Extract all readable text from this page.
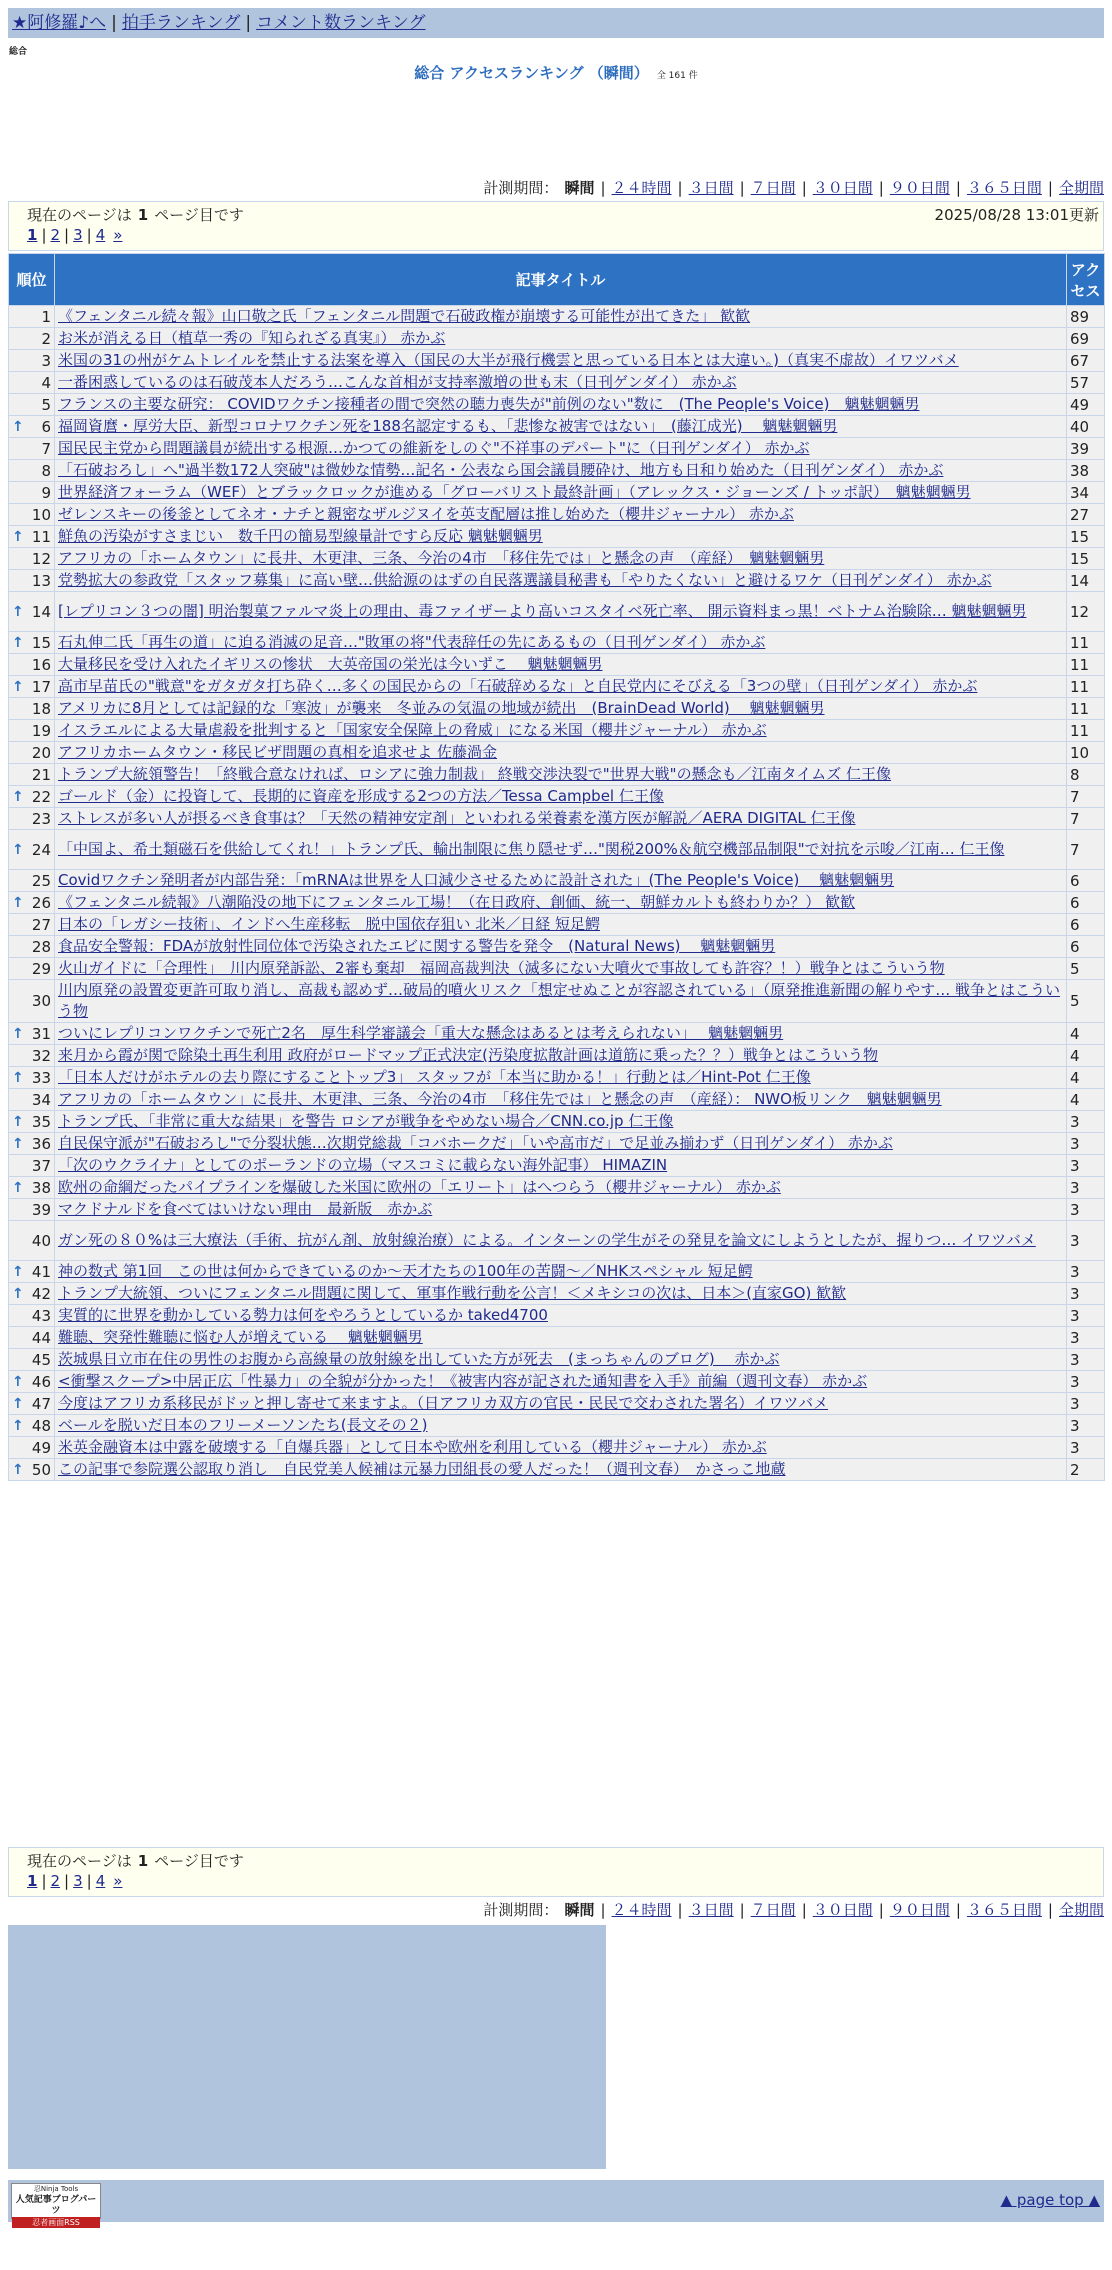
★阿修羅♪へ | 拍手ランキング | コメント数ランキング
総合
総合 アクセスランキング （瞬間） 全 161 件
計測期間： 瞬間 | ２４時間 | ３日間 | ７日間 | ３０日間 | ９０日間 | ３６５日間 | 全期間
現在のページは 1 ページ目です	2025/08/28 13:01更新
1 | 2 | 3 | 4 »
順位	記事タイトル	アクセス
1	《フェンタニル続々報》山口敬之氏「フェンタニル問題で石破政権が崩壊する可能性が出てきた」 歓歓	89
2	お米が消える日（植草一秀の『知られざる真実』） 赤かぶ	69
3	米国の31の州がケムトレイルを禁止する法案を導入（国民の大半が飛行機雲と思っている日本とは大違い。)（真実不虚故）イワツバメ	67
4	一番困惑しているのは石破茂本人だろう…こんな首相が支持率激増の世も末（日刊ゲンダイ） 赤かぶ	57
5	フランスの主要な研究： COVIDワクチン接種者の間で突然の聴力喪失が"前例のない"数に　(The People's Voice)　魑魅魍魎男	49

↑ 6	福岡資麿・厚労大臣、新型コロナワクチン死を188名認定するも、「悲惨な被害ではない」　(藤江成光)　 魑魅魍魎男	40
7	国民民主党から問題議員が続出する根源…かつての維新をしのぐ"不祥事のデパート"に（日刊ゲンダイ） 赤かぶ	39
8	「石破おろし」へ"過半数172人突破"は微妙な情勢…記名・公表なら国会議員腰砕け、地方も日和り始めた（日刊ゲンダイ） 赤かぶ	38
9	世界経済フォーラム（WEF）とブラックロックが進める「グローバリスト最終計画」（アレックス・ジョーンズ / トッポ訳）　魑魅魍魎男	34
10	ゼレンスキーの後釜としてネオ・ナチと親密なザルジヌイを英支配層は推し始めた（櫻井ジャーナル） 赤かぶ	27

↑ 11	鮮魚の汚染がすさまじい　数千円の簡易型線量計ですら反応 魑魅魍魎男	15
12	アフリカの「ホームタウン」に長井、木更津、三条、今治の4市　「移住先では」と懸念の声　（産経）　魑魅魍魎男	15
13	党勢拡大の参政党「スタッフ募集」に高い壁…供給源のはずの自民落選議員秘書も「やりたくない」と避けるワケ（日刊ゲンダイ） 赤かぶ	14

↑ 14	[レプリコン３つの闇] 明治製菓ファルマ炎上の理由、毒ファイザーより高いコスタイベ死亡率、 開示資料まっ黒！ベトナム治験除… 魑魅魍魎男	12

↑ 15	石丸伸二氏「再生の道」に迫る消滅の足音…"敗軍の将"代表辞任の先にあるもの（日刊ゲンダイ） 赤かぶ	11
16	大量移民を受け入れたイギリスの惨状　大英帝国の栄光は今いずこ　 魑魅魍魎男	11

↑ 17	高市早苗氏の"戦意"をガタガタ打ち砕く…多くの国民からの「石破辞めるな」と自民党内にそびえる「3つの壁」（日刊ゲンダイ） 赤かぶ	11
18	アメリカに8月としては記録的な「寒波」が襲来　冬並みの気温の地域が続出　(BrainDead World)　 魑魅魍魎男	11
19	イスラエルによる大量虐殺を批判すると「国家安全保障上の脅威」になる米国（櫻井ジャーナル） 赤かぶ	11
20	アフリカホームタウン・移民ビザ問題の真相を追求せよ 佐藤渦金	10
21	トランプ大統領警告！「終戦合意なければ、ロシアに強力制裁」 終戦交渉決裂で"世界大戦"の懸念も／江南タイムズ 仁王像	8

↑ 22	ゴールド（金）に投資して、長期的に資産を形成する2つの方法／Tessa Campbel 仁王像	7
23	ストレスが多い人が摂るべき食事は？「天然の精神安定剤」といわれる栄養素を漢方医が解説／AERA DIGITAL 仁王像	7

↑ 24	「中国よ、希土類磁石を供給してくれ！」トランプ氏、輸出制限に焦り隠せず…"関税200%＆航空機部品制限"で対抗を示唆／江南… 仁王像	7
25	Covidワクチン発明者が内部告発：「mRNAは世界を人口減少させるために設計された」(The People's Voice)　 魑魅魍魎男	6

↑ 26	《フェンタニル続報》八潮陥没の地下にフェンタニル工場！（在日政府、創価、統一、朝鮮カルトも終わりか？） 歓歓	6
27	日本の「レガシー技術」、インドへ生産移転　脱中国依存狙い 北米／日経 短足鰐	6
28	食品安全警報：FDAが放射性同位体で汚染されたエビに関する警告を発令　(Natural News)　 魑魅魍魎男	6
29	火山ガイドに「合理性」　川内原発訴訟、2審も棄却　福岡高裁判決（滅多にない大噴火で事故しても許容？！）戦争とはこういう物	5
30	川内原発の設置変更許可取り消し、高裁も認めず…破局的噴火リスク「想定せぬことが容認されている」（原発推進新聞の解りやす… 戦争とはこういう物	5

↑ 31	ついにレプリコンワクチンで死亡2名　厚生科学審議会「重大な懸念はあるとは考えられない」　 魑魅魍魎男	4
32	来月から霞が関で除染土再生利用 政府がロードマップ正式決定(汚染度拡散計画は道筋に乗った？？）戦争とはこういう物	4

↑ 33	「日本人だけがホテルの去り際にすることトップ3」 スタッフが「本当に助かる！」行動とは／Hint-Pot 仁王像	4
34	アフリカの「ホームタウン」に長井、木更津、三条、今治の4市　「移住先では」と懸念の声　（産経）： NWO板リンク　魑魅魍魎男	4

↑ 35	トランプ氏、「非常に重大な結果」を警告 ロシアが戦争をやめない場合／CNN.co.jp 仁王像	3

↑ 36	自民保守派が"石破おろし"で分裂状態…次期党総裁「コバホークだ」「いや高市だ」で足並み揃わず（日刊ゲンダイ） 赤かぶ	3
37	「次のウクライナ」としてのポーランドの立場（マスコミに載らない海外記事） HIMAZIN	3

↑ 38	欧州の命綱だったパイプラインを爆破した米国に欧州の「エリート」はへつらう（櫻井ジャーナル） 赤かぶ	3
39	マクドナルドを食べてはいけない理由　最新版　赤かぶ	3
40	ガン死の８０%は三大療法（手術、抗がん剤、放射線治療）による。インターンの学生がその発見を論文にしようとしたが、握りつ… イワツバメ	3

↑ 41	神の数式 第1回　この世は何からできているのか〜天才たちの100年の苦闘〜／NHKスペシャル 短足鰐	3

↑ 42	トランプ大統領、ついにフェンタニル問題に関して、軍事作戦行動を公言！＜メキシコの次は、日本＞(直家GO) 歓歓	3
43	実質的に世界を動かしている勢力は何をやろうとしているか taked4700	3
44	難聴、突発性難聴に悩む人が増えている　 魑魅魍魎男	3
45	茨城県日立市在住の男性のお腹から高線量の放射線を出していた方が死去　(まっちゃんのブログ)　 赤かぶ	3

↑ 46	<衝撃スクープ>中居正広「性暴力」の全貌が分かった！《被害内容が記された通知書を入手》前編（週刊文春） 赤かぶ	3

↑ 47	今度はアフリカ系移民がドッと押し寄せて来ますよ。（日アフリカ双方の官民・民民で交わされた署名）イワツバメ	3

↑ 48	ベールを脱いだ日本のフリーメーソンたち(長文その２)	3
49	米英金融資本は中露を破壊する「自爆兵器」として日本や欧州を利用している（櫻井ジャーナル） 赤かぶ	3

↑ 50	この記事で参院選公認取り消し　自民党美人候補は元暴力団組長の愛人だった！（週刊文春）　かさっこ地蔵	2
現在のページは 1 ページ目です
1 | 2 | 3 | 4 »
計測期間： 瞬間 | ２４時間 | ３日間 | ７日間 | ３０日間 | ９０日間 | ３６５日間 | 全期間
忍Ninja Tools
人気記事ブログパーツ
忍者画面RSS
▲ page top ▲
